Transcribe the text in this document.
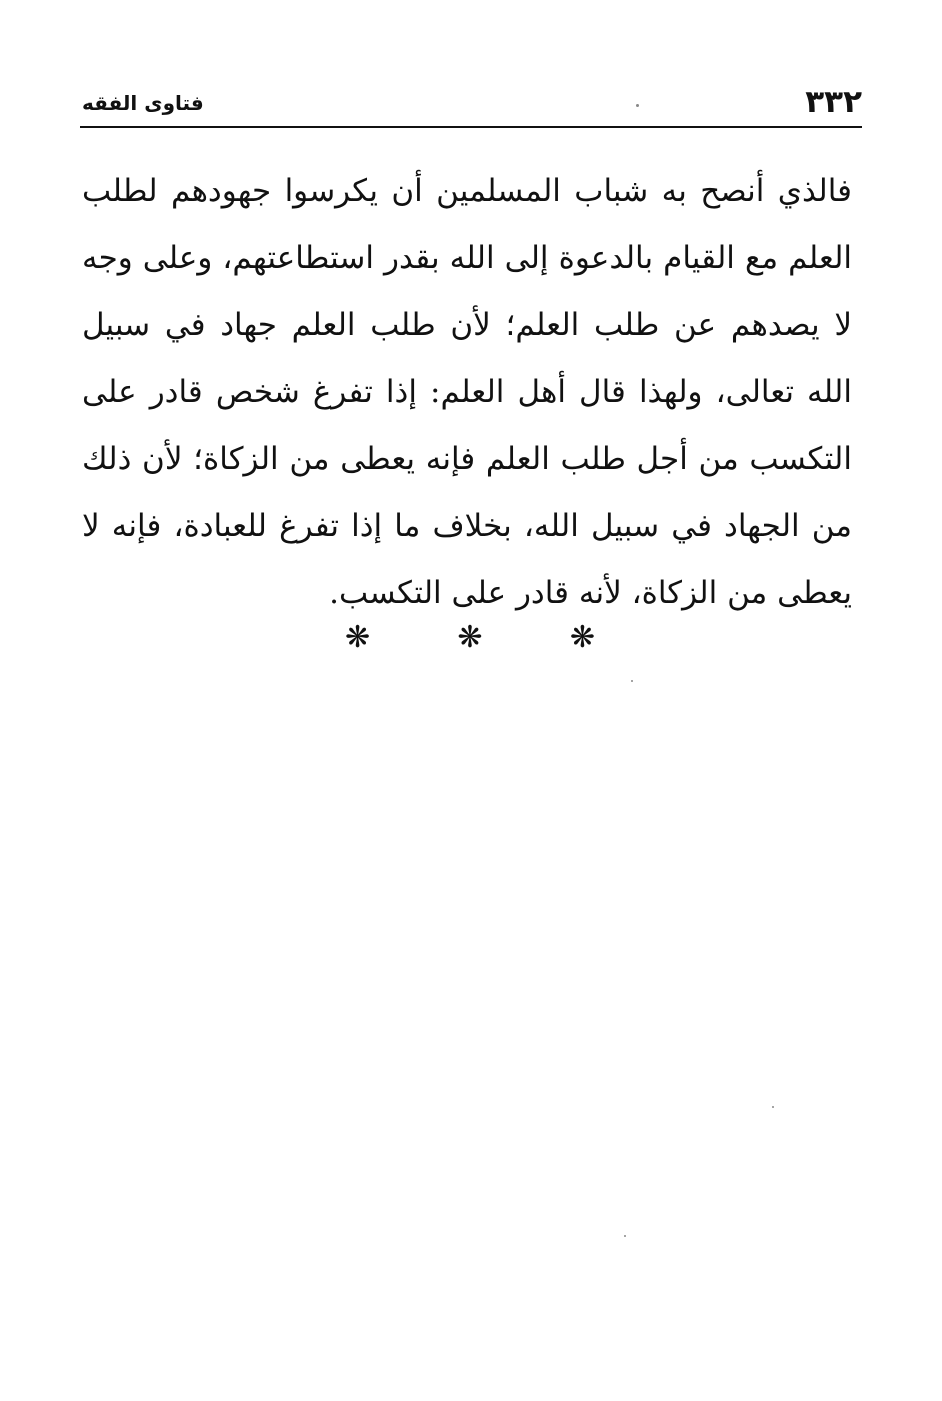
٣٣٢
فتاوى الفقه

فالذي أنصح به شباب المسلمين أن يكرسوا جهودهم لطلب العلم مع القيام بالدعوة إلى الله بقدر استطاعتهم، وعلى وجه لا يصدهم عن طلب العلم؛ لأن طلب العلم جهاد في سبيل الله تعالى، ولهذا قال أهل العلم: إذا تفرغ شخص قادر على التكسب من أجل طلب العلم فإنه يعطى من الزكاة؛ لأن ذلك من الجهاد في سبيل الله، بخلاف ما إذا تفرغ للعبادة، فإنه لا يعطى من الزكاة، لأنه قادر على التكسب.

❋	❋	❋
